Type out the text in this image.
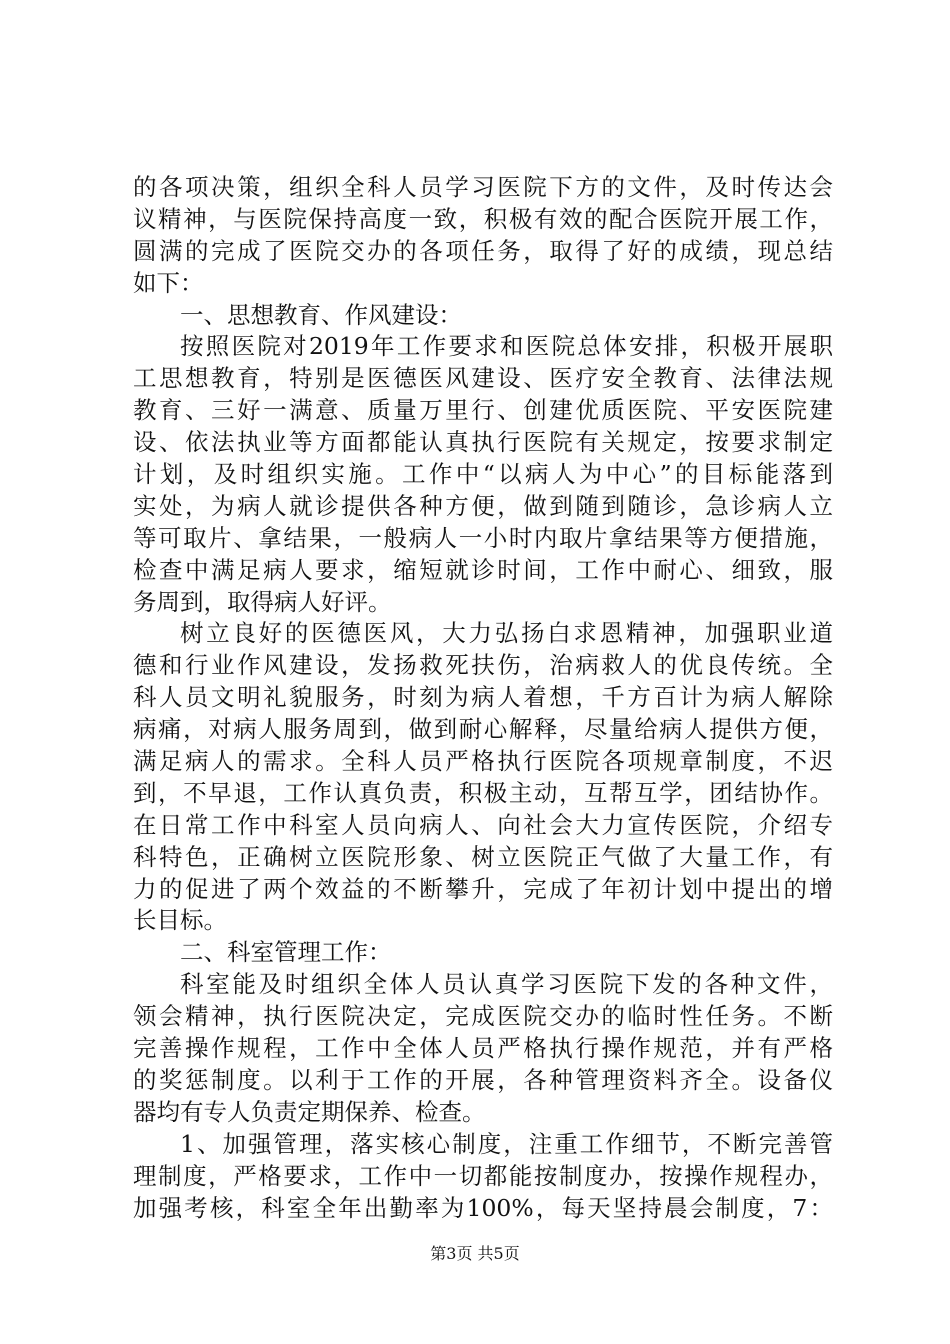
的各项决策，组织全科人员学习医院下方的文件，及时传达会
议精神，与医院保持高度一致，积极有效的配合医院开展工作，
圆满的完成了医院交办的各项任务，取得了好的成绩，现总结
如下：
一、思想教育、作风建设：
按照医院对2019年工作要求和医院总体安排，积极开展职
工思想教育，特别是医德医风建设、医疗安全教育、法律法规
教育、三好一满意、质量万里行、创建优质医院、平安医院建
设、依法执业等方面都能认真执行医院有关规定，按要求制定
计划，及时组织实施。工作中“以病人为中心”的目标能落到
实处，为病人就诊提供各种方便，做到随到随诊，急诊病人立
等可取片、拿结果，一般病人一小时内取片拿结果等方便措施，
检查中满足病人要求，缩短就诊时间，工作中耐心、细致，服
务周到，取得病人好评。
树立良好的医德医风，大力弘扬白求恩精神，加强职业道
德和行业作风建设，发扬救死扶伤，治病救人的优良传统。全
科人员文明礼貌服务，时刻为病人着想，千方百计为病人解除
病痛，对病人服务周到，做到耐心解释，尽量给病人提供方便，
满足病人的需求。全科人员严格执行医院各项规章制度，不迟
到，不早退，工作认真负责，积极主动，互帮互学，团结协作。
在日常工作中科室人员向病人、向社会大力宣传医院，介绍专
科特色，正确树立医院形象、树立医院正气做了大量工作，有
力的促进了两个效益的不断攀升，完成了年初计划中提出的增
长目标。
二、科室管理工作：
科室能及时组织全体人员认真学习医院下发的各种文件，
领会精神，执行医院决定，完成医院交办的临时性任务。不断
完善操作规程，工作中全体人员严格执行操作规范，并有严格
的奖惩制度。以利于工作的开展，各种管理资料齐全。设备仪
器均有专人负责定期保养、检查。
1、加强管理，落实核心制度，注重工作细节，不断完善管
理制度，严格要求，工作中一切都能按制度办，按操作规程办，
加强考核，科室全年出勤率为100%，每天坚持晨会制度，7：
第3页 共5页
